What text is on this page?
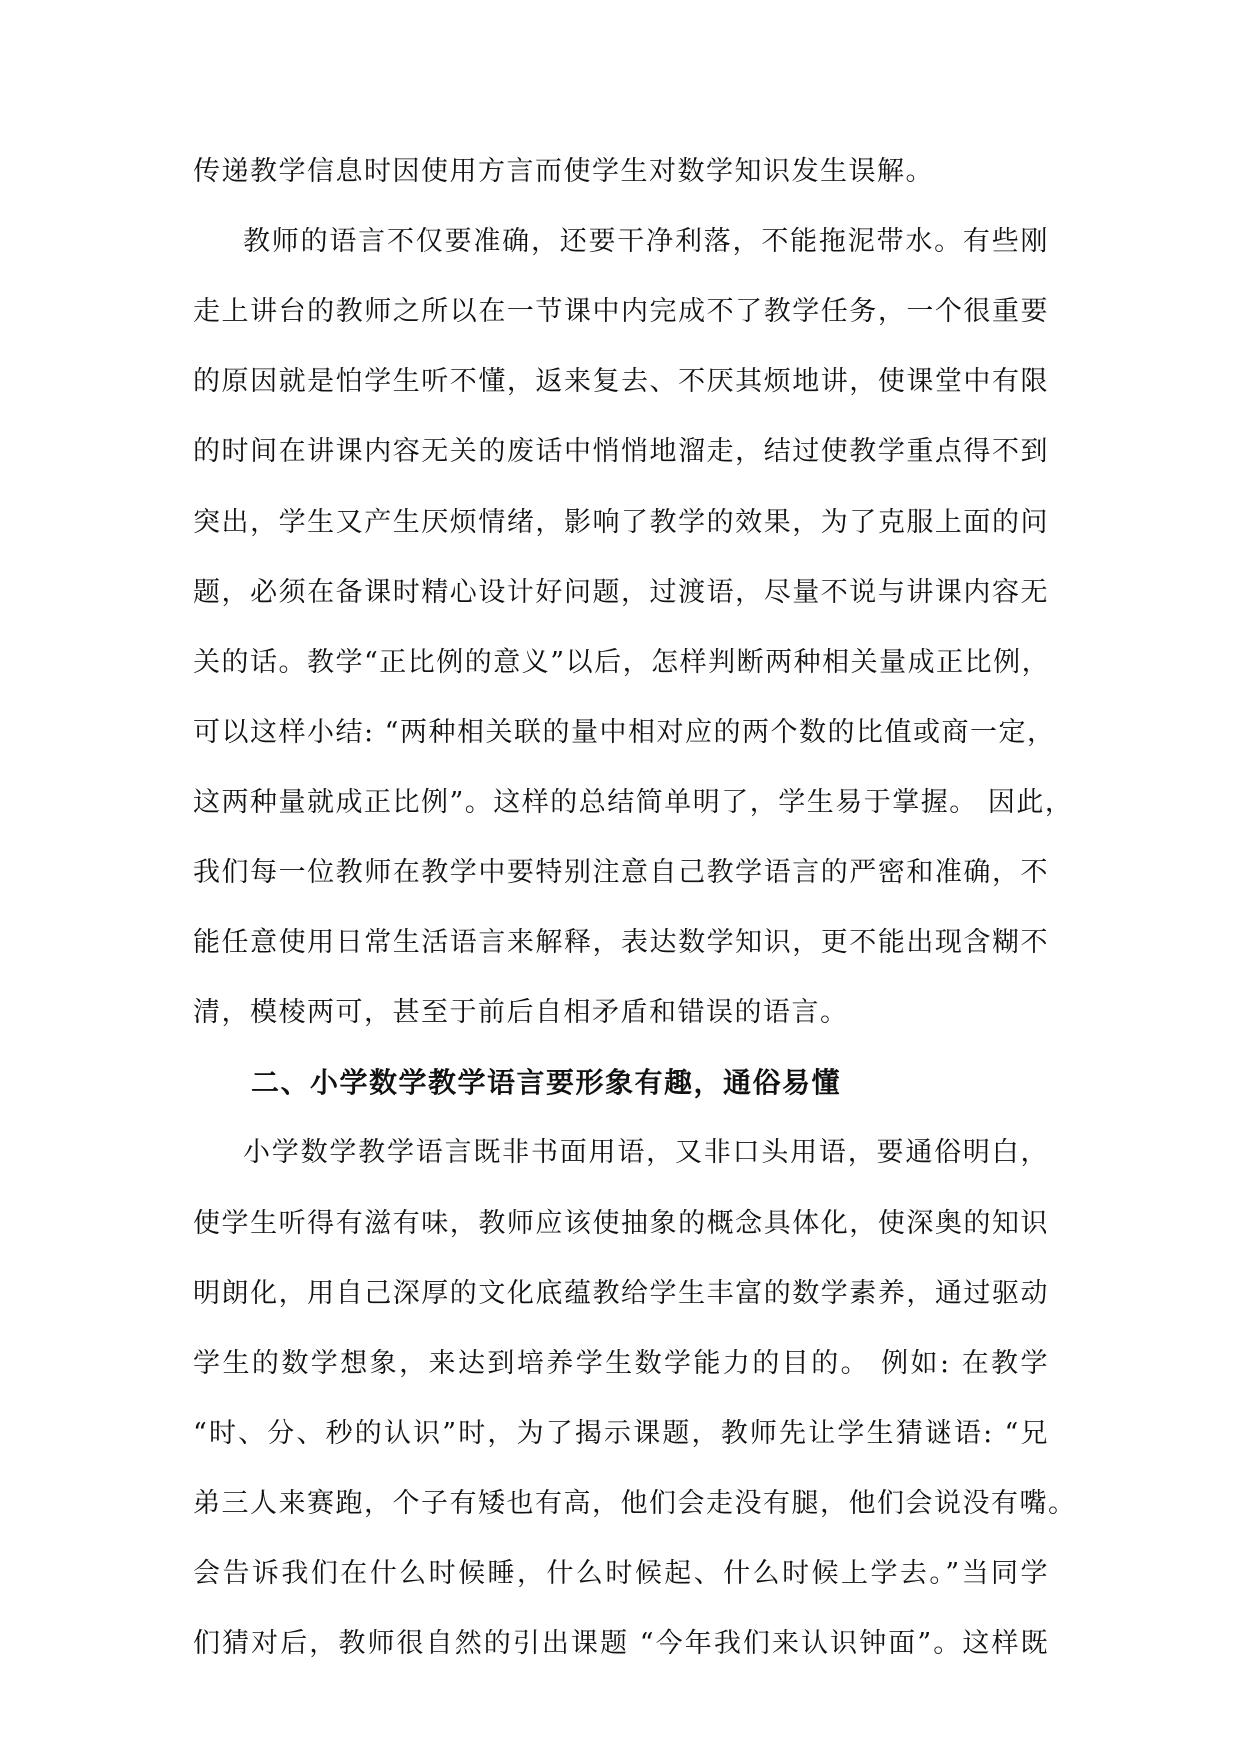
传递教学信息时因使用方言而使学生对数学知识发生误解。
教师的语言不仅要准确，还要干净利落，不能拖泥带水。有些刚
走上讲台的教师之所以在一节课中内完成不了教学任务，一个很重要
的原因就是怕学生听不懂，返来复去、不厌其烦地讲，使课堂中有限
的时间在讲课内容无关的废话中悄悄地溜走，结过使教学重点得不到
突出，学生又产生厌烦情绪，影响了教学的效果，为了克服上面的问
题，必须在备课时精心设计好问题，过渡语，尽量不说与讲课内容无
关的话。教学“正比例的意义”以后，怎样判断两种相关量成正比例，
可以这样小结: “两种相关联的量中相对应的两个数的比值或商一定，
这两种量就成正比例”。这样的总结简单明了，学生易于掌握。 因此，
我们每一位教师在教学中要特别注意自己教学语言的严密和准确，不
能任意使用日常生活语言来解释，表达数学知识，更不能出现含糊不
清，模棱两可，甚至于前后自相矛盾和错误的语言。
二、小学数学教学语言要形象有趣，通俗易懂
小学数学教学语言既非书面用语，又非口头用语，要通俗明白，
使学生听得有滋有味，教师应该使抽象的概念具体化，使深奥的知识
明朗化，用自己深厚的文化底蕴教给学生丰富的数学素养，通过驱动
学生的数学想象，来达到培养学生数学能力的目的。 例如: 在教学
“时、分、秒的认识”时，为了揭示课题，教师先让学生猜谜语: “兄
弟三人来赛跑，个子有矮也有高，他们会走没有腿，他们会说没有嘴。
会告诉我们在什么时候睡，什么时候起、什么时候上学去。”当同学
们猜对后，教师很自然的引出课题 “今年我们来认识钟面”。这样既
